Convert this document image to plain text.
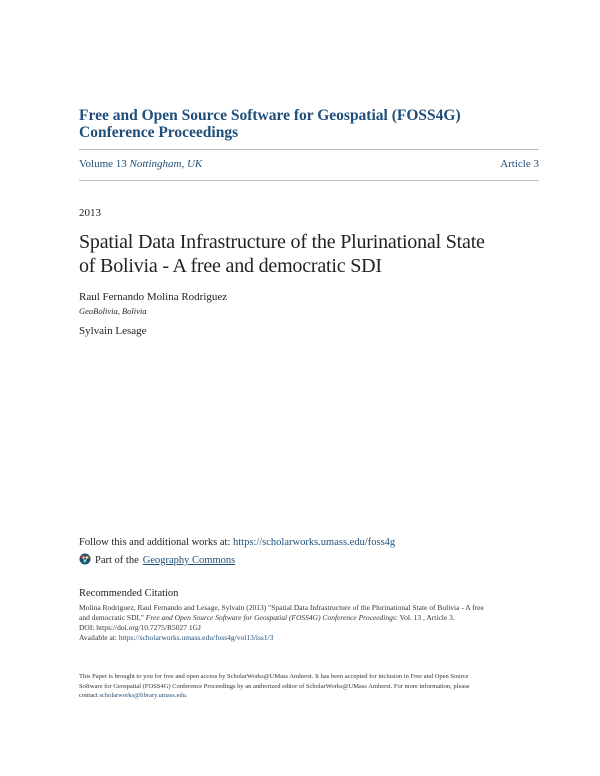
Free and Open Source Software for Geospatial (FOSS4G)
Conference Proceedings
Volume 13 Nottingham, UK	Article 3
2013
Spatial Data Infrastructure of the Plurinational State
of Bolivia - A free and democratic SDI
Raul Fernando Molina Rodriguez
GeoBolivia, Bolivia
Sylvain Lesage
Follow this and additional works at: https://scholarworks.umass.edu/foss4g
Part of the Geography Commons
Recommended Citation
Molina Rodriguez, Raul Fernando and Lesage, Sylvain (2013) "Spatial Data Infrastructure of the Plurinational State of Bolivia - A free
and democratic SDI," Free and Open Source Software for Geospatial (FOSS4G) Conference Proceedings: Vol. 13 , Article 3.
DOI: https://doi.org/10.7275/R5027 1GJ
Available at: https://scholarworks.umass.edu/foss4g/vol13/iss1/3
This Paper is brought to you for free and open access by ScholarWorks@UMass Amherst. It has been accepted for inclusion in Free and Open Source
Software for Geospatial (FOSS4G) Conference Proceedings by an authorized editor of ScholarWorks@UMass Amherst. For more information, please
contact scholarworks@library.umass.edu.
